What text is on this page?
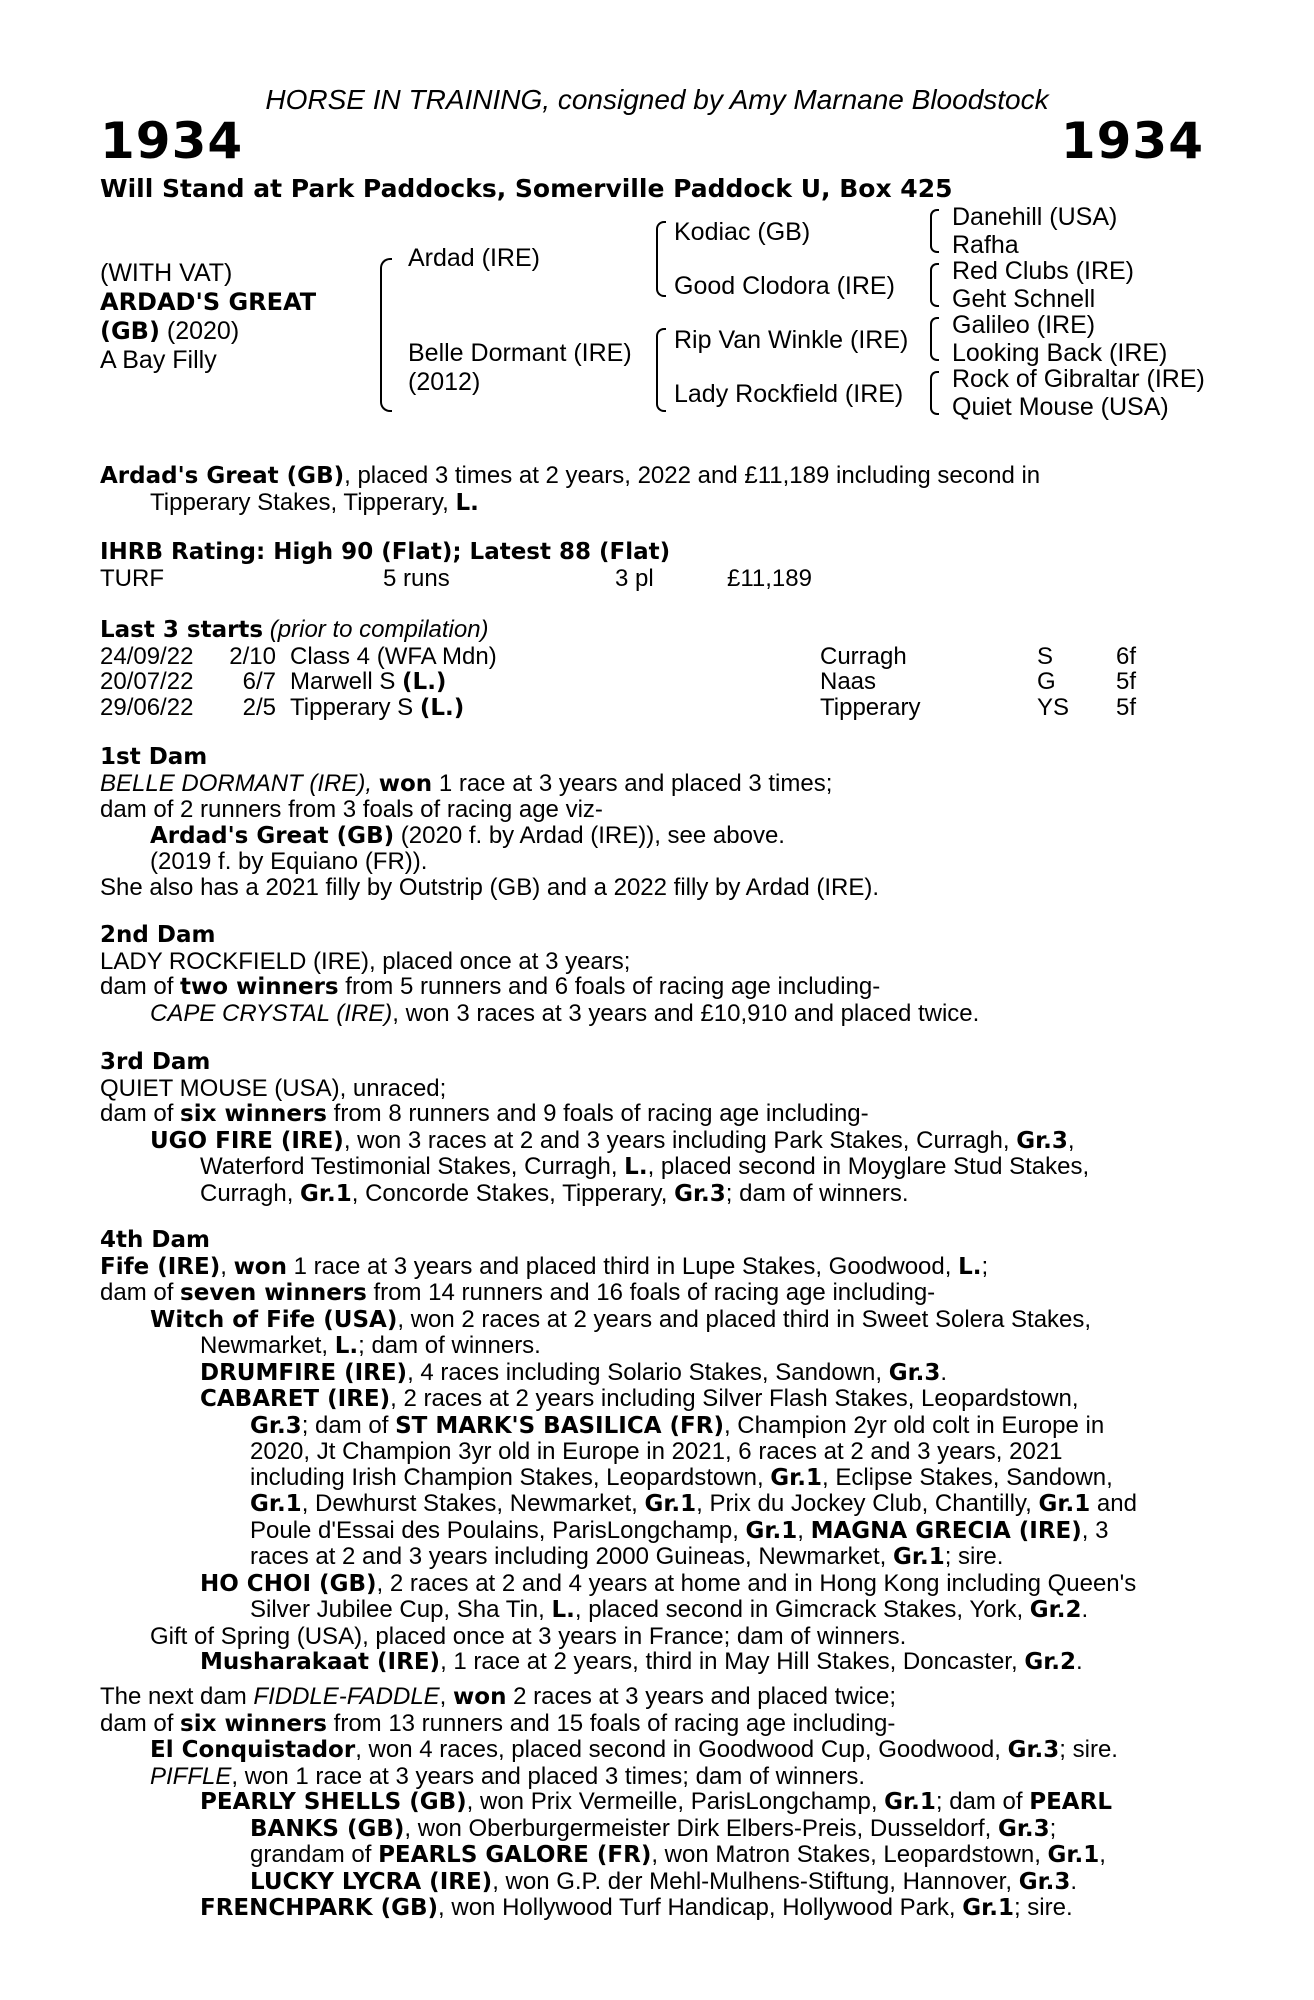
HORSE IN TRAINING, consigned by Amy Marnane Bloodstock
1934	1934
Will Stand at Park Paddocks, Somerville Paddock U, Box 425
(WITH VAT)
ARDAD'S GREAT
(GB) (2020)
A Bay Filly
Ardad (IRE)
Belle Dormant (IRE)
(2012)
Kodiac (GB)
Good Clodora (IRE)
Rip Van Winkle (IRE)
Lady Rockfield (IRE)
Danehill (USA)
Rafha
Red Clubs (IRE)
Geht Schnell
Galileo (IRE)
Looking Back (IRE)
Rock of Gibraltar (IRE)
Quiet Mouse (USA)
Ardad's Great (GB), placed 3 times at 2 years, 2022 and £11,189 including second in
Tipperary Stakes, Tipperary, L.
IHRB Rating: High 90 (Flat); Latest 88 (Flat)
TURF	5 runs	3 pl	£11,189
Last 3 starts (prior to compilation)
24/09/22 2/10 Class 4 (WFA Mdn)	Curragh	S	6f
20/07/22 6/7 Marwell S (L.)	Naas	G	5f
29/06/22 2/5 Tipperary S (L.)	Tipperary	YS 5f
1st Dam
BELLE DORMANT (IRE), won 1 race at 3 years and placed 3 times;
dam of 2 runners from 3 foals of racing age viz-
Ardad's Great (GB) (2020 f. by Ardad (IRE)), see above.
(2019 f. by Equiano (FR)).
She also has a 2021 filly by Outstrip (GB) and a 2022 filly by Ardad (IRE).
2nd Dam
LADY ROCKFIELD (IRE), placed once at 3 years;
dam of two winners from 5 runners and 6 foals of racing age including-
CAPE CRYSTAL (IRE), won 3 races at 3 years and £10,910 and placed twice.
3rd Dam
QUIET MOUSE (USA), unraced;
dam of six winners from 8 runners and 9 foals of racing age including-
UGO FIRE (IRE), won 3 races at 2 and 3 years including Park Stakes, Curragh, Gr.3,
Waterford Testimonial Stakes, Curragh, L., placed second in Moyglare Stud Stakes,
Curragh, Gr.1, Concorde Stakes, Tipperary, Gr.3; dam of winners.
4th Dam
Fife (IRE), won 1 race at 3 years and placed third in Lupe Stakes, Goodwood, L.;
dam of seven winners from 14 runners and 16 foals of racing age including-
Witch of Fife (USA), won 2 races at 2 years and placed third in Sweet Solera Stakes,
Newmarket, L.; dam of winners.
DRUMFIRE (IRE), 4 races including Solario Stakes, Sandown, Gr.3.
CABARET (IRE), 2 races at 2 years including Silver Flash Stakes, Leopardstown,
Gr.3; dam of ST MARK'S BASILICA (FR), Champion 2yr old colt in Europe in
2020, Jt Champion 3yr old in Europe in 2021, 6 races at 2 and 3 years, 2021
including Irish Champion Stakes, Leopardstown, Gr.1, Eclipse Stakes, Sandown,
Gr.1, Dewhurst Stakes, Newmarket, Gr.1, Prix du Jockey Club, Chantilly, Gr.1 and
Poule d'Essai des Poulains, ParisLongchamp, Gr.1, MAGNA GRECIA (IRE), 3
races at 2 and 3 years including 2000 Guineas, Newmarket, Gr.1; sire.
HO CHOI (GB), 2 races at 2 and 4 years at home and in Hong Kong including Queen's
Silver Jubilee Cup, Sha Tin, L., placed second in Gimcrack Stakes, York, Gr.2.
Gift of Spring (USA), placed once at 3 years in France; dam of winners.
Musharakaat (IRE), 1 race at 2 years, third in May Hill Stakes, Doncaster, Gr.2.
The next dam FIDDLE-FADDLE, won 2 races at 3 years and placed twice;
dam of six winners from 13 runners and 15 foals of racing age including-
El Conquistador, won 4 races, placed second in Goodwood Cup, Goodwood, Gr.3; sire.
PIFFLE, won 1 race at 3 years and placed 3 times; dam of winners.
PEARLY SHELLS (GB), won Prix Vermeille, ParisLongchamp, Gr.1; dam of PEARL
BANKS (GB), won Oberburgermeister Dirk Elbers-Preis, Dusseldorf, Gr.3;
grandam of PEARLS GALORE (FR), won Matron Stakes, Leopardstown, Gr.1,
LUCKY LYCRA (IRE), won G.P. der Mehl-Mulhens-Stiftung, Hannover, Gr.3.
FRENCHPARK (GB), won Hollywood Turf Handicap, Hollywood Park, Gr.1; sire.
